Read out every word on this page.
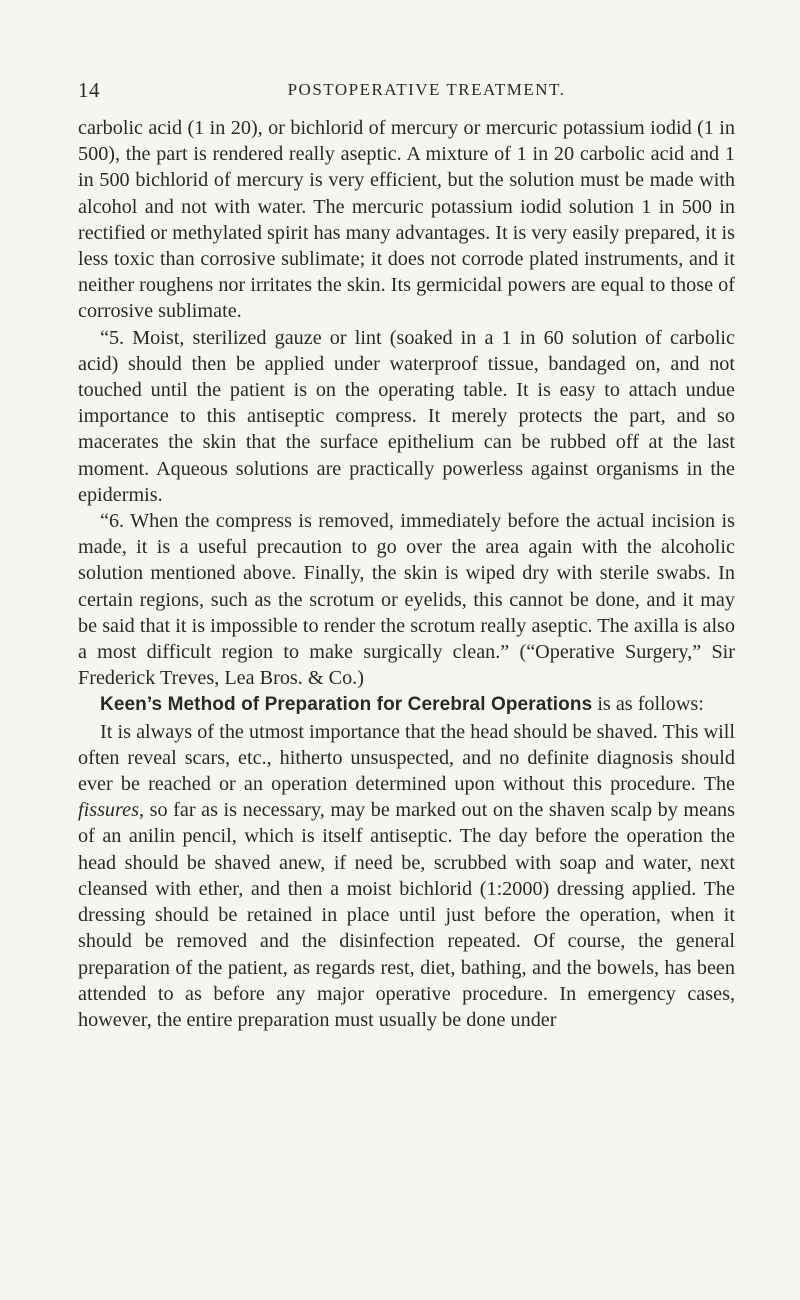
14	POSTOPERATIVE TREATMENT.

carbolic acid (1 in 20), or bichlorid of mercury or mercuric potassium iodid (1 in 500), the part is rendered really aseptic. A mixture of 1 in 20 carbolic acid and 1 in 500 bichlorid of mercury is very efficient, but the solution must be made with alcohol and not with water. The mercuric potassium iodid solution 1 in 500 in rectified or methylated spirit has many advantages. It is very easily prepared, it is less toxic than corrosive sublimate; it does not corrode plated instruments, and it neither roughens nor irritates the skin. Its germicidal powers are equal to those of corrosive sublimate.

“5. Moist, sterilized gauze or lint (soaked in a 1 in 60 solution of carbolic acid) should then be applied under waterproof tissue, bandaged on, and not touched until the patient is on the operating table. It is easy to attach undue importance to this antiseptic compress. It merely protects the part, and so macerates the skin that the surface epithelium can be rubbed off at the last moment. Aqueous solutions are practically powerless against organisms in the epidermis.

“6. When the compress is removed, immediately before the actual incision is made, it is a useful precaution to go over the area again with the alcoholic solution mentioned above. Finally, the skin is wiped dry with sterile swabs. In certain regions, such as the scrotum or eyelids, this cannot be done, and it may be said that it is impossible to render the scrotum really aseptic. The axilla is also a most difficult region to make surgically clean.” (“Operative Surgery,” Sir Frederick Treves, Lea Bros. & Co.)

Keen’s Method of Preparation for Cerebral Operations is as follows:

It is always of the utmost importance that the head should be shaved. This will often reveal scars, etc., hitherto unsuspected, and no definite diagnosis should ever be reached or an operation determined upon without this procedure. The fissures, so far as is necessary, may be marked out on the shaven scalp by means of an anilin pencil, which is itself antiseptic. The day before the operation the head should be shaved anew, if need be, scrubbed with soap and water, next cleansed with ether, and then a moist bichlorid (1:2000) dressing applied. The dressing should be retained in place until just before the operation, when it should be removed and the disinfection repeated. Of course, the general preparation of the patient, as regards rest, diet, bathing, and the bowels, has been attended to as before any major operative procedure. In emergency cases, however, the entire preparation must usually be done under
